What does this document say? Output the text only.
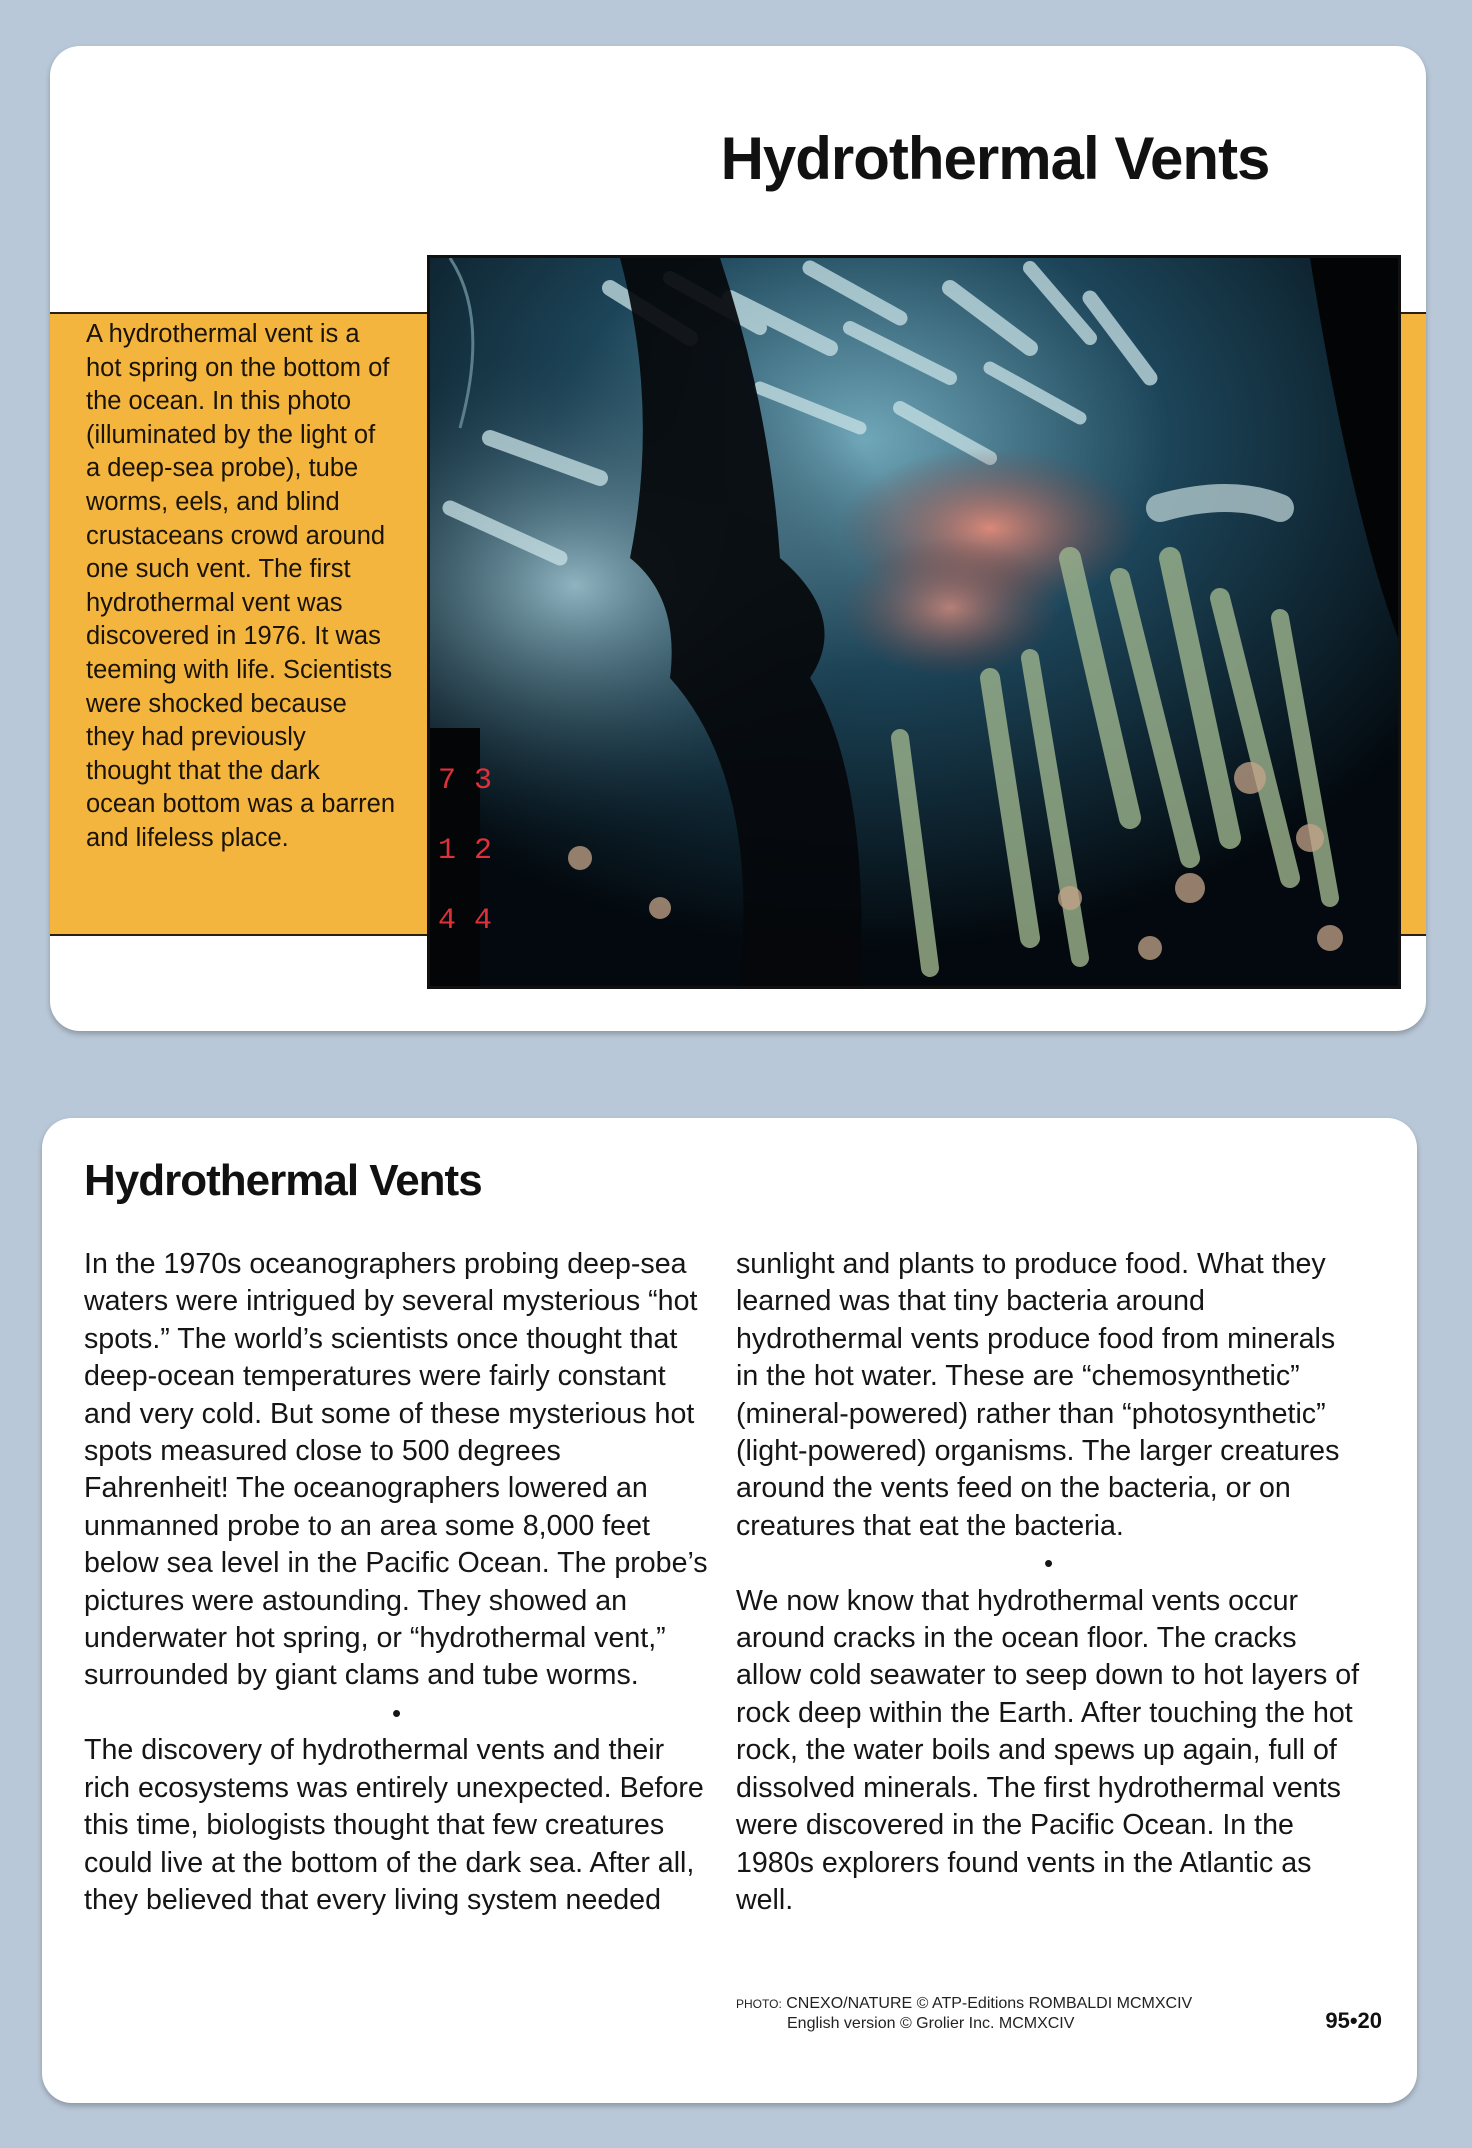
Hydrothermal Vents

A hydrothermal vent is a hot spring on the bottom of the ocean. In this photo (illuminated by the light of a deep-sea probe), tube worms, eels, and blind crustaceans crowd around one such vent. The first hydrothermal vent was discovered in 1976. It was teeming with life. Scientists were shocked because they had previously thought that the dark ocean bottom was a barren and lifeless place.

7 3
1 2
4 4
Hydrothermal Vents

In the 1970s oceanographers probing deep-sea waters were intrigued by several mysterious “hot spots.” The world’s scientists once thought that deep-ocean temperatures were fairly constant and very cold. But some of these mysterious hot spots measured close to 500 degrees Fahrenheit! The oceanographers lowered an unmanned probe to an area some 8,000 feet below sea level in the Pacific Ocean. The probe’s pictures were astounding. They showed an underwater hot spring, or “hydrothermal vent,” surrounded by giant clams and tube worms.

•

The discovery of hydrothermal vents and their rich ecosystems was entirely unexpected. Before this time, biologists thought that few creatures could live at the bottom of the dark sea. After all, they believed that every living system needed

sunlight and plants to produce food. What they learned was that tiny bacteria around hydrothermal vents produce food from minerals in the hot water. These are “chemosynthetic” (mineral-powered) rather than “photosynthetic” (light-powered) organisms. The larger creatures around the vents feed on the bacteria, or on creatures that eat the bacteria.

•

We now know that hydrothermal vents occur around cracks in the ocean floor. The cracks allow cold seawater to seep down to hot layers of rock deep within the Earth. After touching the hot rock, the water boils and spews up again, full of dissolved minerals. The first hydrothermal vents were discovered in the Pacific Ocean. In the 1980s explorers found vents in the Atlantic as well.

PHOTO: CNEXO/NATURE © ATP-Editions ROMBALDI MCMXCIV
English version © Grolier Inc. MCMXCIV	95•20
